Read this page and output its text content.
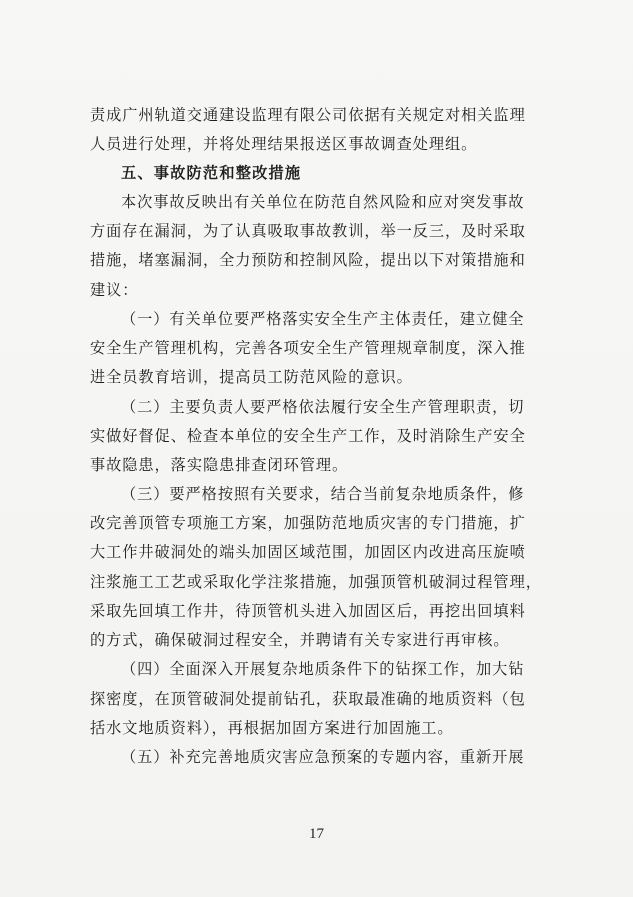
责成广州轨道交通建设监理有限公司依据有关规定对相关监理
人员进行处理，并将处理结果报送区事故调查处理组。
五、事故防范和整改措施
本次事故反映出有关单位在防范自然风险和应对突发事故
方面存在漏洞，为了认真吸取事故教训，举一反三，及时采取
措施，堵塞漏洞，全力预防和控制风险，提出以下对策措施和
建议：
（一）有关单位要严格落实安全生产主体责任，建立健全
安全生产管理机构，完善各项安全生产管理规章制度，深入推
进全员教育培训，提高员工防范风险的意识。
（二）主要负责人要严格依法履行安全生产管理职责，切
实做好督促、检查本单位的安全生产工作，及时消除生产安全
事故隐患，落实隐患排查闭环管理。
（三）要严格按照有关要求，结合当前复杂地质条件，修
改完善顶管专项施工方案，加强防范地质灾害的专门措施，扩
大工作井破洞处的端头加固区域范围，加固区内改进高压旋喷
注浆施工工艺或采取化学注浆措施，加强顶管机破洞过程管理，
采取先回填工作井，待顶管机头进入加固区后，再挖出回填料
的方式，确保破洞过程安全，并聘请有关专家进行再审核。
（四）全面深入开展复杂地质条件下的钻探工作，加大钻
探密度，在顶管破洞处提前钻孔，获取最准确的地质资料（包
括水文地质资料），再根据加固方案进行加固施工。
（五）补充完善地质灾害应急预案的专题内容，重新开展
17
